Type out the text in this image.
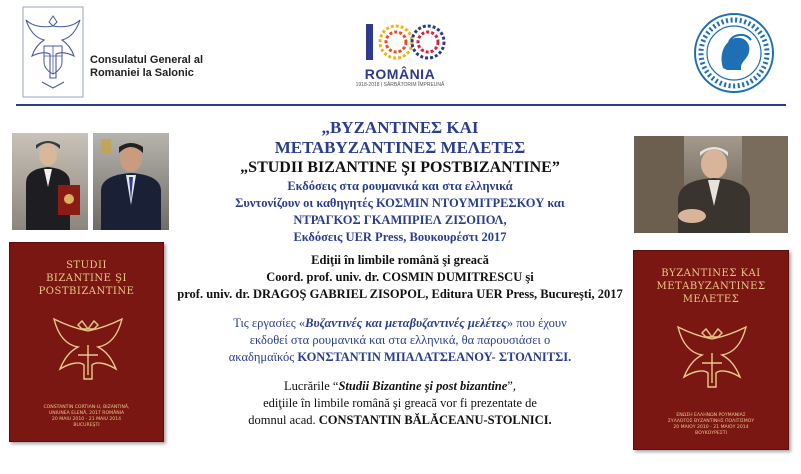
Consulatul General al
Romaniei la Salonic	ROMÂNIA
1918-2018 | SĂRBĂTORIM ÎMPREUNĂ
STUDII
BIZANTINE ŞI
POSTBIZANTINE
CONSTANTIN CORTIAN-U, BIZANTINĂ,
UNIUNEA ELENĂ, 2017 ROMÂNIA
20 MAIU 2010 - 21 MAIU 2014
BUCUREŞTI
ΒΥΖΑΝΤΙΝΕΣ ΚΑΙ
ΜΕΤΑΒΥΖΑΝΤΙΝΕΣ
ΜΕΛΕΤΕΣ
ΕΝΩΣΗ ΕΛΛΗΝΩΝ ΡΟΥΜΑΝΙΑΣ
ΣΥΛΛΟΓΟΣ ΒΥΖΑΝΤΙΝΗΣ ΠΟΛΙΤΙΣΜΟΥ
20 ΜΑΙΟΥ 2010 - 21 ΜΑΙΟΥ 2014
ΒΟΥΚΟΥΡΕΣΤΙ
„ΒΥΖΑΝΤΙΝΕΣ ΚΑΙ
ΜΕΤΑΒΥΖΑΝΤΙΝΕΣ ΜΕΛΕΤΕΣ
„STUDII BIZANTINE ŞI POSTBIZANTINE”
Εκδόσεις στα ρουμανικά και στα ελληνικά
Συντονίζουν οι καθηγητές ΚΟΣΜΙΝ ΝΤΟΥΜΙΤΡΕΣΚΟΥ και
ΝΤΡΑΓΚΟΣ ΓΚΑΜΠΡΙΕΛ ΖΙΣΟΠΟΛ,
Εκδόσεις UER Press, Βουκουρέστι 2017
Ediţii în limbile română şi greacă
Coord. prof. univ. dr. COSMIN DUMITRESCU şi
prof. univ. dr. DRAGOŞ GABRIEL ZISOPOL, Editura UER Press, Bucureşti, 2017
Τις εργασίες «Βυζαντινές και μεταβυζαντινές μελέτες» που έχουν
εκδοθεί στα ρουμανικά και στα ελληνικά, θα παρουσιάσει ο
ακαδημαϊκός ΚΟΝΣΤΑΝΤΙΝ ΜΠΑΛΑΤΣΕΑΝΟΥ- ΣΤΟΛΝΙΤΣΙ.
Lucrările “Studii Bizantine şi post bizantine”,
ediţiile în limbile română şi greacă vor fi prezentate de
domnul acad. CONSTANTIN BĂLĂCEANU-STOLNICI.
